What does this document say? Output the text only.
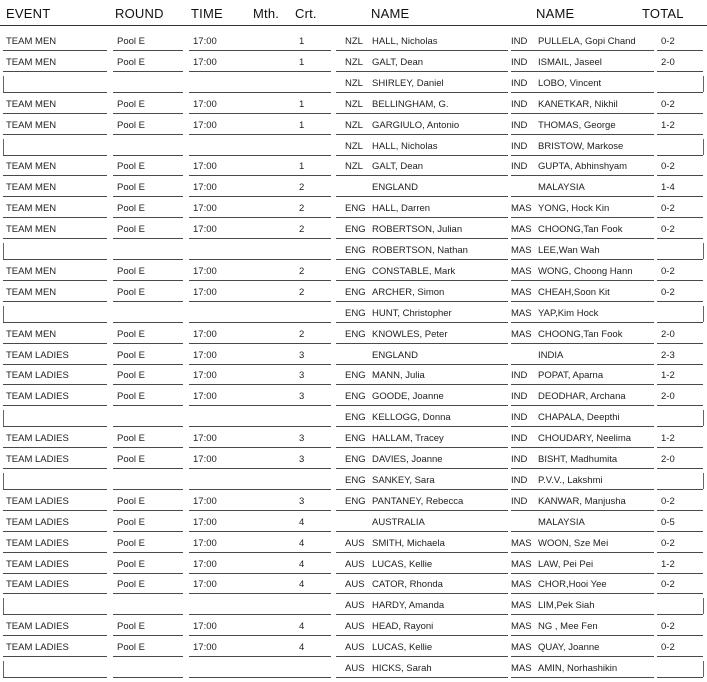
EVENT	ROUND TIME Mth. Crt.	NAME	NAME	TOTAL
TEAM MEN	Pool E	17:00	1	NZL HALL, Nicholas	IND PULLELA, Gopi Chand	0-2
TEAM MEN	Pool E	17:00	1	NZL GALT, Dean	IND ISMAIL, Jaseel	2-0
NZL SHIRLEY, Daniel	IND LOBO, Vincent
TEAM MEN	Pool E	17:00	1	NZL BELLINGHAM, G.	IND KANETKAR, Nikhil	0-2
TEAM MEN	Pool E	17:00	1	NZL GARGIULO, Antonio	IND THOMAS, George	1-2
NZL HALL, Nicholas	IND BRISTOW, Markose
TEAM MEN	Pool E	17:00	1	NZL GALT, Dean	IND GUPTA, Abhinshyam	0-2
TEAM MEN	Pool E	17:00	2	ENGLAND	MALAYSIA	1-4
TEAM MEN	Pool E	17:00	2	ENG HALL, Darren	MAS YONG, Hock Kin	0-2
TEAM MEN	Pool E	17:00	2	ENG ROBERTSON, Julian	MAS CHOONG,Tan Fook	0-2
ENG ROBERTSON, Nathan	MAS LEE,Wan Wah
TEAM MEN	Pool E	17:00	2	ENG CONSTABLE, Mark	MAS WONG, Choong Hann	0-2
TEAM MEN	Pool E	17:00	2	ENG ARCHER, Simon	MAS CHEAH,Soon Kit	0-2
ENG HUNT, Christopher	MAS YAP,Kim Hock
TEAM MEN	Pool E	17:00	2	ENG KNOWLES, Peter	MAS CHOONG,Tan Fook	2-0
TEAM LADIES	Pool E	17:00	3	ENGLAND	INDIA	2-3
TEAM LADIES	Pool E	17:00	3	ENG MANN, Julia	IND POPAT, Aparna	1-2
TEAM LADIES	Pool E	17:00	3	ENG GOODE, Joanne	IND DEODHAR, Archana	2-0
ENG KELLOGG, Donna	IND CHAPALA, Deepthi
TEAM LADIES	Pool E	17:00	3	ENG HALLAM, Tracey	IND CHOUDARY, Neelima	1-2
TEAM LADIES	Pool E	17:00	3	ENG DAVIES, Joanne	IND BISHT, Madhumita	2-0
ENG SANKEY, Sara	IND P.V.V., Lakshmi
TEAM LADIES	Pool E	17:00	3	ENG PANTANEY, Rebecca	IND KANWAR, Manjusha	0-2
TEAM LADIES	Pool E	17:00	4	AUSTRALIA	MALAYSIA	0-5
TEAM LADIES	Pool E	17:00	4	AUS SMITH, Michaela	MAS WOON, Sze Mei	0-2
TEAM LADIES	Pool E	17:00	4	AUS LUCAS, Kellie	MAS LAW, Pei Pei	1-2
TEAM LADIES	Pool E	17:00	4	AUS CATOR, Rhonda	MAS CHOR,Hooi Yee	0-2
AUS HARDY, Amanda	MAS LIM,Pek Siah
TEAM LADIES	Pool E	17:00	4	AUS HEAD, Rayoni	MAS NG , Mee Fen	0-2
TEAM LADIES	Pool E	17:00	4	AUS LUCAS, Kellie	MAS QUAY, Joanne	0-2
AUS HICKS, Sarah	MAS AMIN, Norhashikin
